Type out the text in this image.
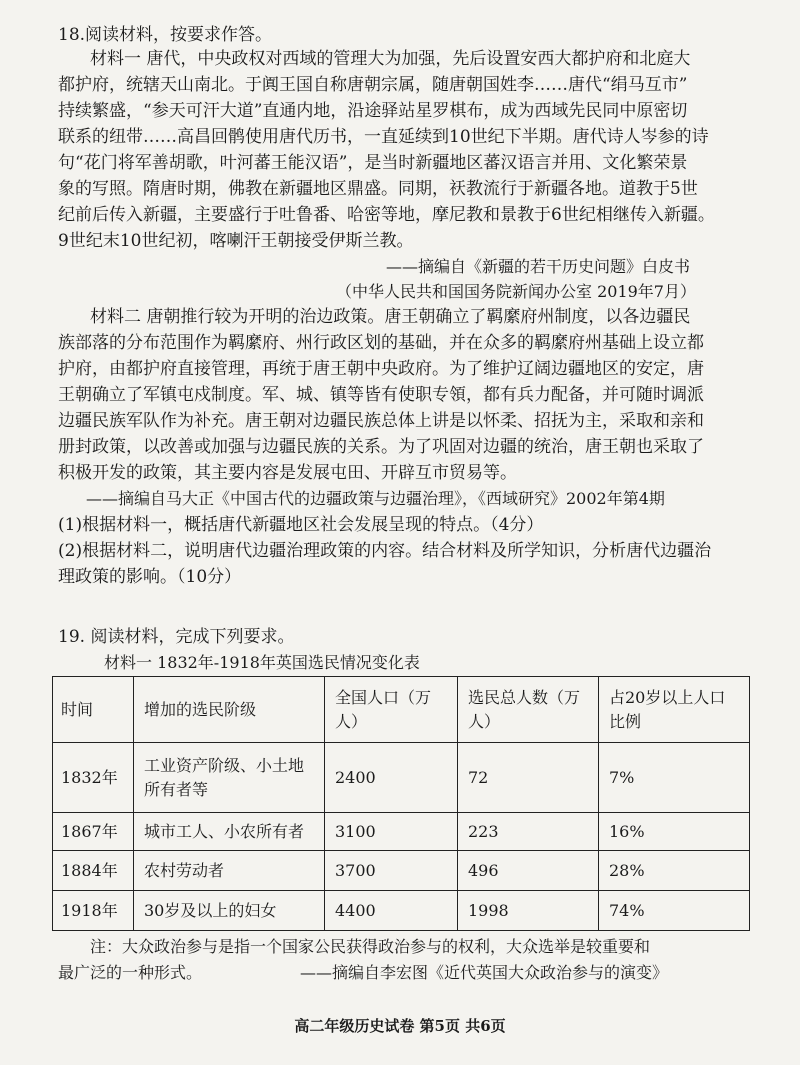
18.阅读材料，按要求作答。
材料一 唐代，中央政权对西域的管理大为加强，先后设置安西大都护府和北庭大
都护府，统辖天山南北。于阗王国自称唐朝宗属，随唐朝国姓李……唐代“绢马互市”
持续繁盛，“参天可汗大道”直通内地，沿途驿站星罗棋布，成为西域先民同中原密切
联系的纽带……高昌回鹘使用唐代历书，一直延续到10世纪下半期。唐代诗人岑参的诗
句“花门将军善胡歌，叶河蕃王能汉语”，是当时新疆地区蕃汉语言并用、文化繁荣景
象的写照。隋唐时期，佛教在新疆地区鼎盛。同期，祆教流行于新疆各地。道教于5世
纪前后传入新疆，主要盛行于吐鲁番、哈密等地，摩尼教和景教于6世纪相继传入新疆。
9世纪末10世纪初，喀喇汗王朝接受伊斯兰教。
——摘编自《新疆的若干历史问题》白皮书
（中华人民共和国国务院新闻办公室 2019年7月）
材料二 唐朝推行较为开明的治边政策。唐王朝确立了羁縻府州制度，以各边疆民
族部落的分布范围作为羁縻府、州行政区划的基础，并在众多的羁縻府州基础上设立都
护府，由都护府直接管理，再统于唐王朝中央政府。为了维护辽阔边疆地区的安定，唐
王朝确立了军镇屯戍制度。军、城、镇等皆有使职专領，都有兵力配备，并可随时调派
边疆民族军队作为补充。唐王朝对边疆民族总体上讲是以怀柔、招抚为主，采取和亲和
册封政策，以改善或加强与边疆民族的关系。为了巩固对边疆的统治，唐王朝也采取了
积极开发的政策，其主要内容是发展屯田、开辟互市贸易等。
——摘编自马大正《中国古代的边疆政策与边疆治理》，《西域研究》2002年第4期
(1)根据材料一，概括唐代新疆地区社会发展呈现的特点。（4分）
(2)根据材料二，说明唐代边疆治理政策的内容。结合材料及所学知识，分析唐代边疆治
理政策的影响。（10分）
19. 阅读材料，完成下列要求。
材料一 1832年-1918年英国选民情况变化表
时间	增加的选民阶级	全国人口（万人）	选民总人数（万人）	占20岁以上人口比例
1832年	工业资产阶级、小土地所有者等	2400	72	7%
1867年	城市工人、小农所有者	3100	223	16%
1884年	农村劳动者	3700	496	28%
1918年	30岁及以上的妇女	4400	1998	74%
注：大众政治参与是指一个国家公民获得政治参与的权利，大众选举是较重要和
最广泛的一种形式。	——摘编自李宏图《近代英国大众政治参与的演变》
高二年级历史试卷 第5页 共6页
